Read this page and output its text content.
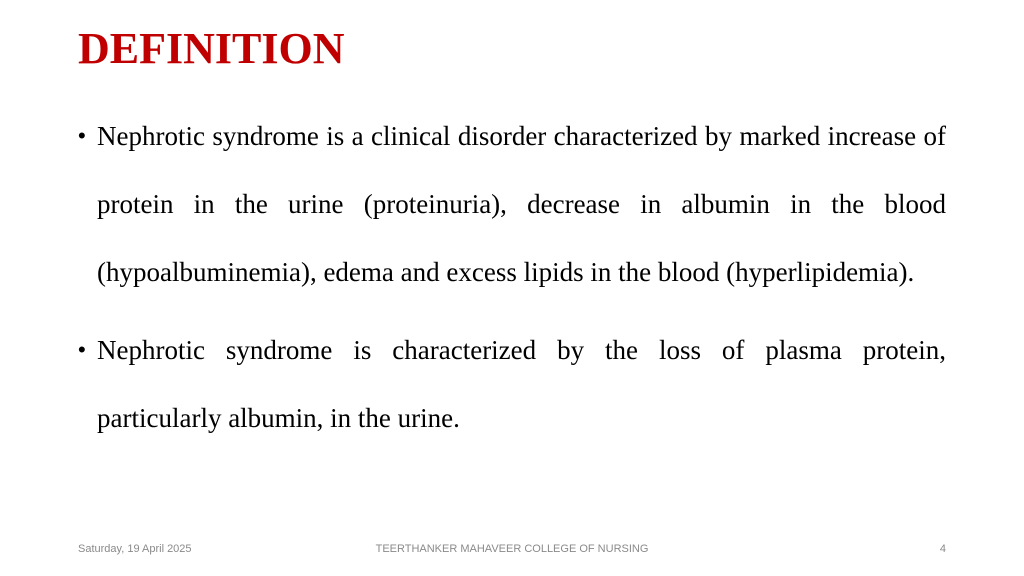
DEFINITION
• Nephrotic syndrome is a clinical disorder characterized by marked increase of protein in the urine (proteinuria), decrease in albumin in the blood (hypoalbuminemia), edema and excess lipids in the blood (hyperlipidemia).
• Nephrotic syndrome is characterized by the loss of plasma protein, particularly albumin, in the urine.
Saturday, 19 April 2025	TEERTHANKER MAHAVEER COLLEGE OF NURSING	4
